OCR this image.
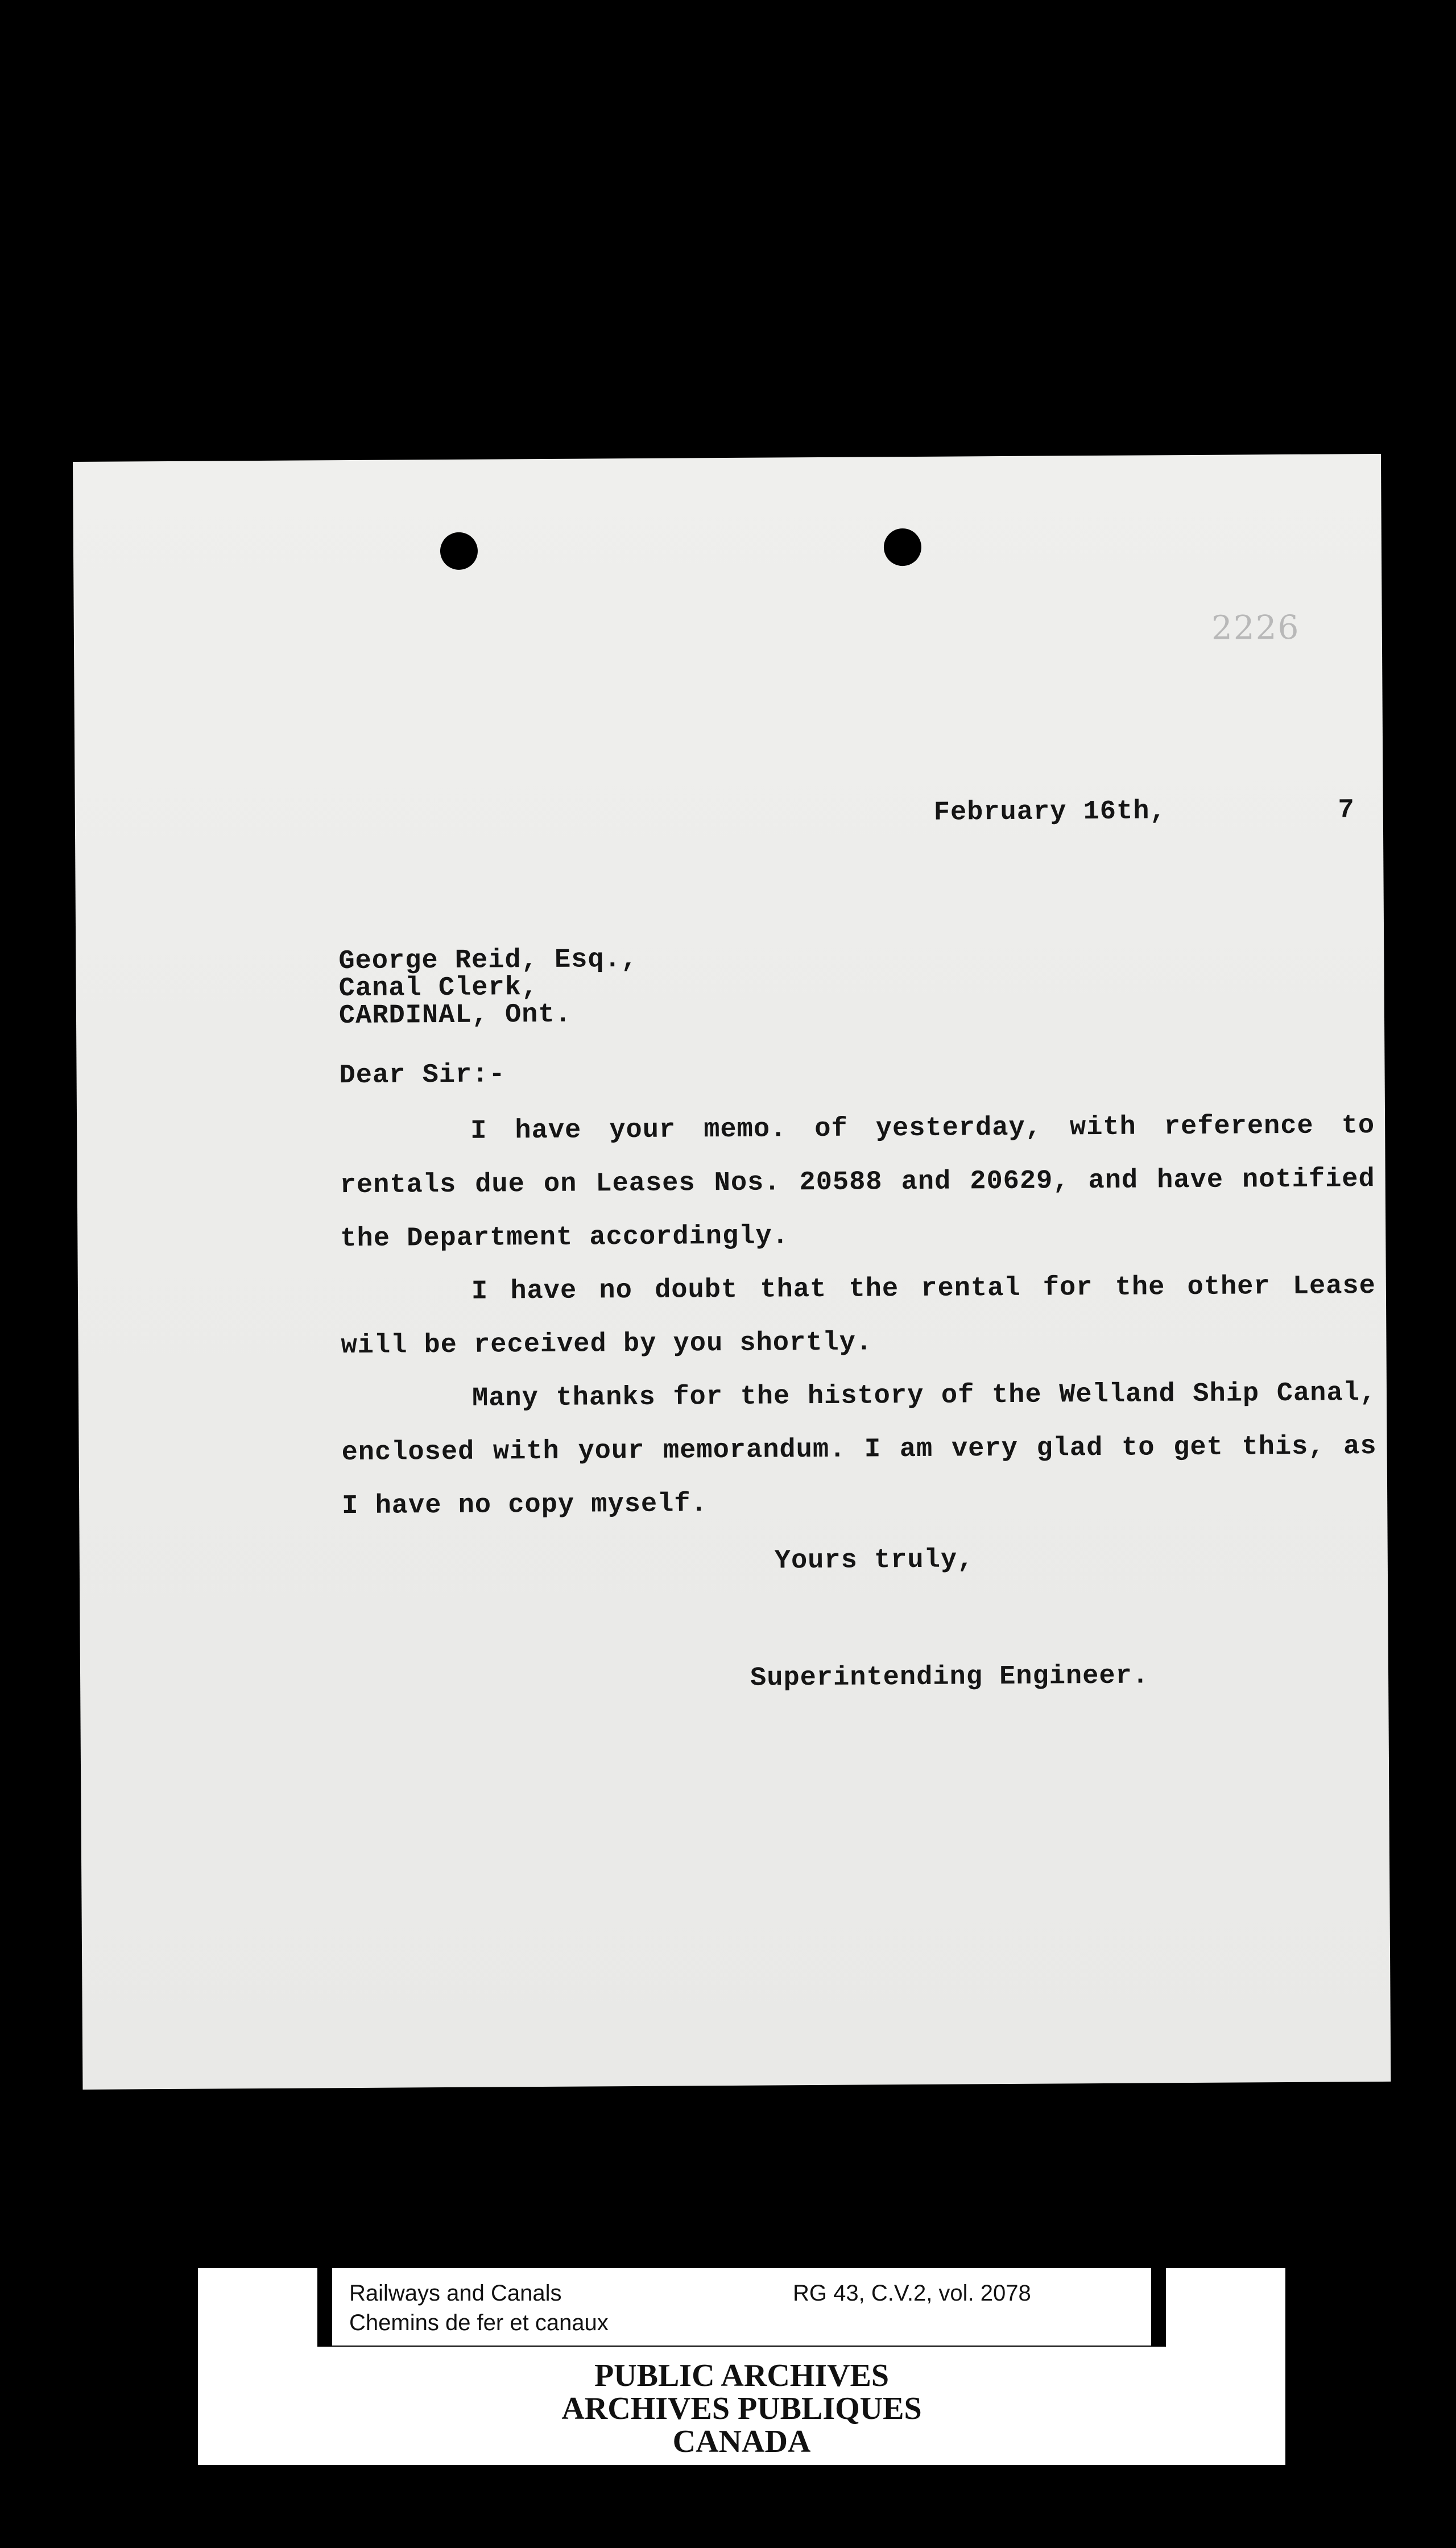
2226
February 16th,	7
George Reid, Esq.,
Canal Clerk,
CARDINAL, Ont.
Dear Sir:-

I have your memo. of yesterday, with reference to rentals due on Leases Nos. 20588 and 20629, and have notified the Department accordingly.

I have no doubt that the rental for the other Lease will be received by you shortly.

Many thanks for the history of the Welland Ship Canal, enclosed with your memorandum. I am very glad to get this, as I have no copy myself.

Yours truly,
Superintending Engineer.
Railways and Canals
Chemins de fer et canaux
RG 43, C.V.2, vol. 2078
PUBLIC ARCHIVES
ARCHIVES PUBLIQUES
CANADA
